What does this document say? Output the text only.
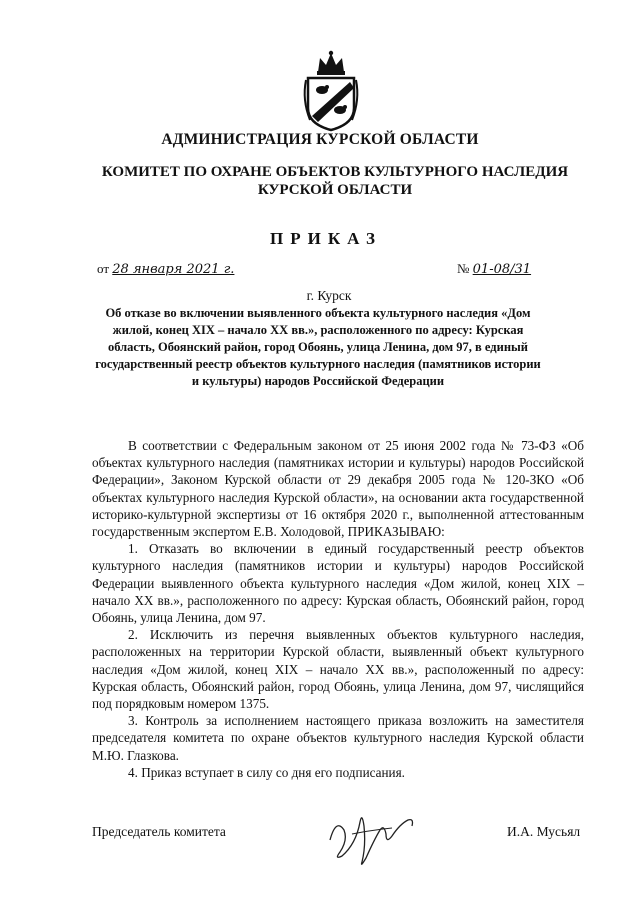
АДМИНИСТРАЦИЯ КУРСКОЙ ОБЛАСТИ
КОМИТЕТ ПО ОХРАНЕ ОБЪЕКТОВ КУЛЬТУРНОГО НАСЛЕДИЯ
КУРСКОЙ ОБЛАСТИ
ПРИКАЗ
от 28 января 2021 г.	№ 01-08/31
г. Курск
Об отказе во включении выявленного объекта культурного наследия «Дом жилой, конец XIX – начало XX вв.», расположенного по адресу: Курская область, Обоянский район, город Обоянь, улица Ленина, дом 97, в единый государственный реестр объектов культурного наследия (памятников истории и культуры) народов Российской Федерации

В соответствии с Федеральным законом от 25 июня 2002 года № 73-ФЗ «Об объектах культурного наследия (памятниках истории и культуры) народов Российской Федерации», Законом Курской области от 29 декабря 2005 года № 120-ЗКО «Об объектах культурного наследия Курской области», на основании акта государственной историко-культурной экспертизы от 16 октября 2020 г., выполненной аттестованным государственным экспертом Е.В. Холодовой, ПРИКАЗЫВАЮ:

1. Отказать во включении в единый государственный реестр объектов культурного наследия (памятников истории и культуры) народов Российской Федерации выявленного объекта культурного наследия «Дом жилой, конец XIX – начало XX вв.», расположенного по адресу: Курская область, Обоянский район, город Обоянь, улица Ленина, дом 97.

2. Исключить из перечня выявленных объектов культурного наследия, расположенных на территории Курской области, выявленный объект культурного наследия «Дом жилой, конец XIX – начало XX вв.», расположенный по адресу: Курская область, Обоянский район, город Обоянь, улица Ленина, дом 97, числящийся под порядковым номером 1375.

3. Контроль за исполнением настоящего приказа возложить на заместителя председателя комитета по охране объектов культурного наследия Курской области М.Ю. Глазкова.

4. Приказ вступает в силу со дня его подписания.

Председатель комитета	И.А. Мусьял
